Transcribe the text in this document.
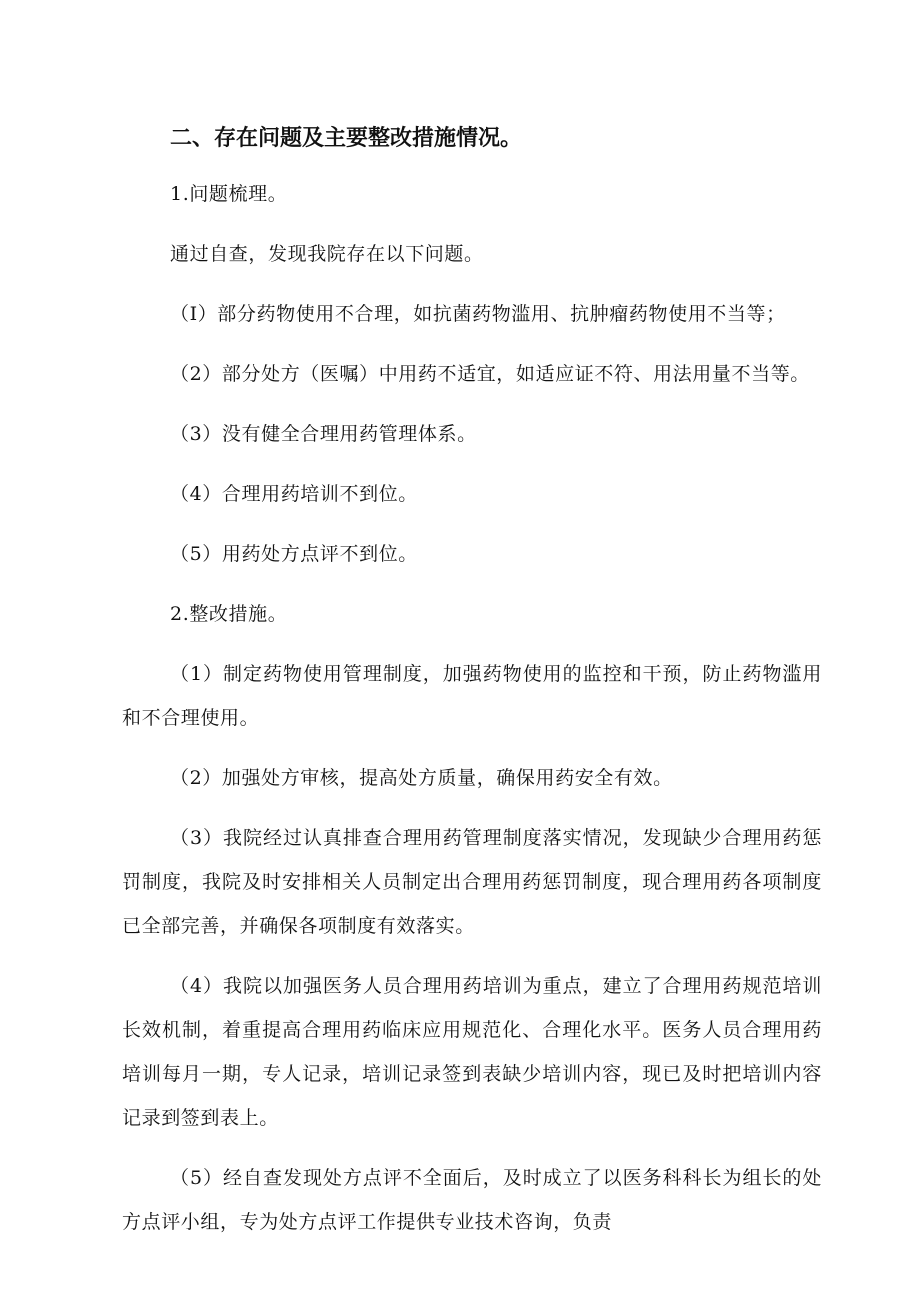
二、存在问题及主要整改措施情况。

1.问题梳理。

通过自查，发现我院存在以下问题。

（I）部分药物使用不合理，如抗菌药物滥用、抗肿瘤药物使用不当等；

（2）部分处方（医嘱）中用药不适宜，如适应证不符、用法用量不当等。

（3）没有健全合理用药管理体系。

（4）合理用药培训不到位。

（5）用药处方点评不到位。

2.整改措施。

（1）制定药物使用管理制度，加强药物使用的监控和干预，防止药物滥用和不合理使用。

（2）加强处方审核，提高处方质量，确保用药安全有效。

（3）我院经过认真排查合理用药管理制度落实情况，发现缺少合理用药惩罚制度，我院及时安排相关人员制定出合理用药惩罚制度，现合理用药各项制度已全部完善，并确保各项制度有效落实。

（4）我院以加强医务人员合理用药培训为重点，建立了合理用药规范培训长效机制，着重提高合理用药临床应用规范化、合理化水平。医务人员合理用药培训每月一期，专人记录，培训记录签到表缺少培训内容，现已及时把培训内容记录到签到表上。

（5）经自查发现处方点评不全面后，及时成立了以医务科科长为组长的处方点评小组，专为处方点评工作提供专业技术咨询，负责
